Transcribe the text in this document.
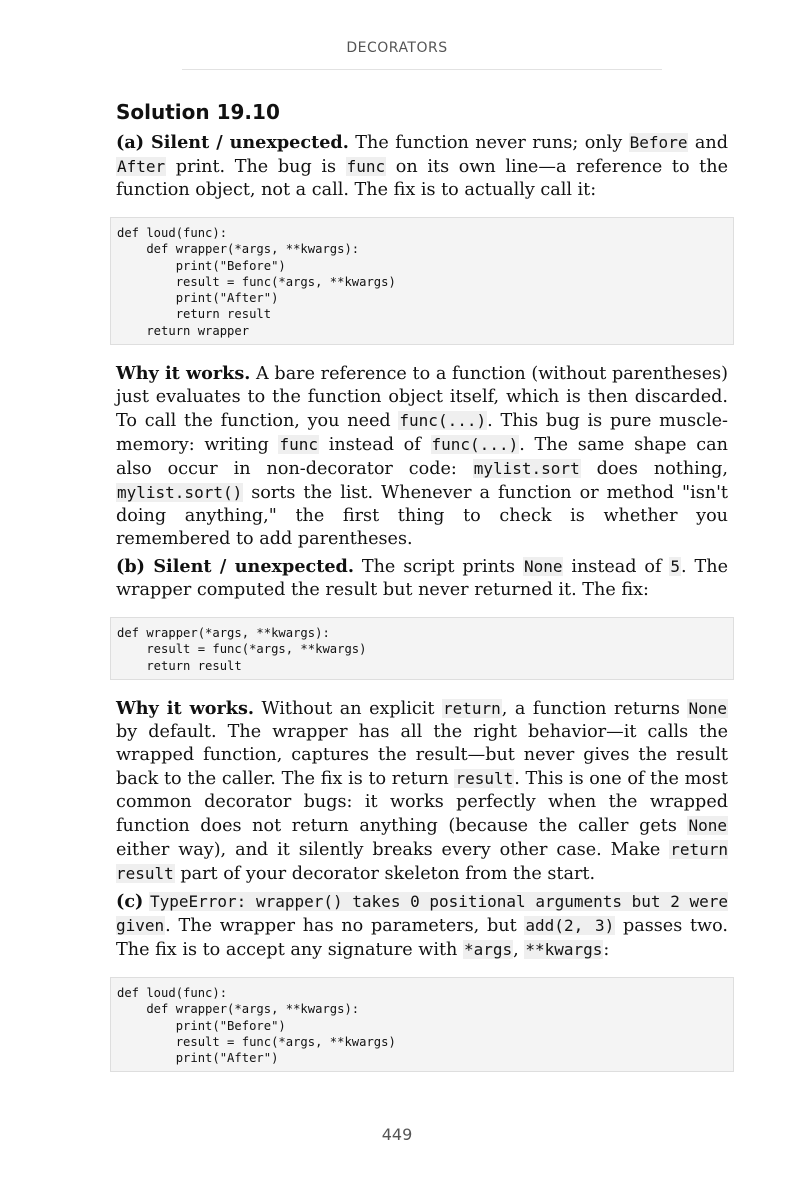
DECORATORS
Solution 19.10

(a) Silent / unexpected. The function never runs; only Before and After print. The bug is func on its own line—a reference to the function object, not a call. The fix is to actually call it:

def loud(func):
def wrapper(*args, **kwargs):
print("Before")
result = func(*args, **kwargs)
print("After")
return result
return wrapper

Why it works. A bare reference to a function (without parentheses) just evaluates to the function object itself, which is then discarded. To call the function, you need func(...). This bug is pure muscle-memory: writing func instead of func(...). The same shape can also occur in non-decorator code: mylist.sort does nothing, mylist.sort() sorts the list. Whenever a function or method "isn't doing anything," the first thing to check is whether you remembered to add parentheses.

(b) Silent / unexpected. The script prints None instead of 5. The wrapper computed the result but never returned it. The fix:

def wrapper(*args, **kwargs):
result = func(*args, **kwargs)
return result

Why it works. Without an explicit return, a function returns None by default. The wrapper has all the right behavior—it calls the wrapped function, captures the result—but never gives the result back to the caller. The fix is to return result. This is one of the most common decorator bugs: it works perfectly when the wrapped function does not return anything (because the caller gets None either way), and it silently breaks every other case. Make return result part of your decorator skeleton from the start.

(c) TypeError: wrapper() takes 0 positional arguments but 2 were given. The wrapper has no parameters, but add(2, 3) passes two. The fix is to accept any signature with *args, **kwargs:

def loud(func):
def wrapper(*args, **kwargs):
print("Before")
result = func(*args, **kwargs)
print("After")
449
